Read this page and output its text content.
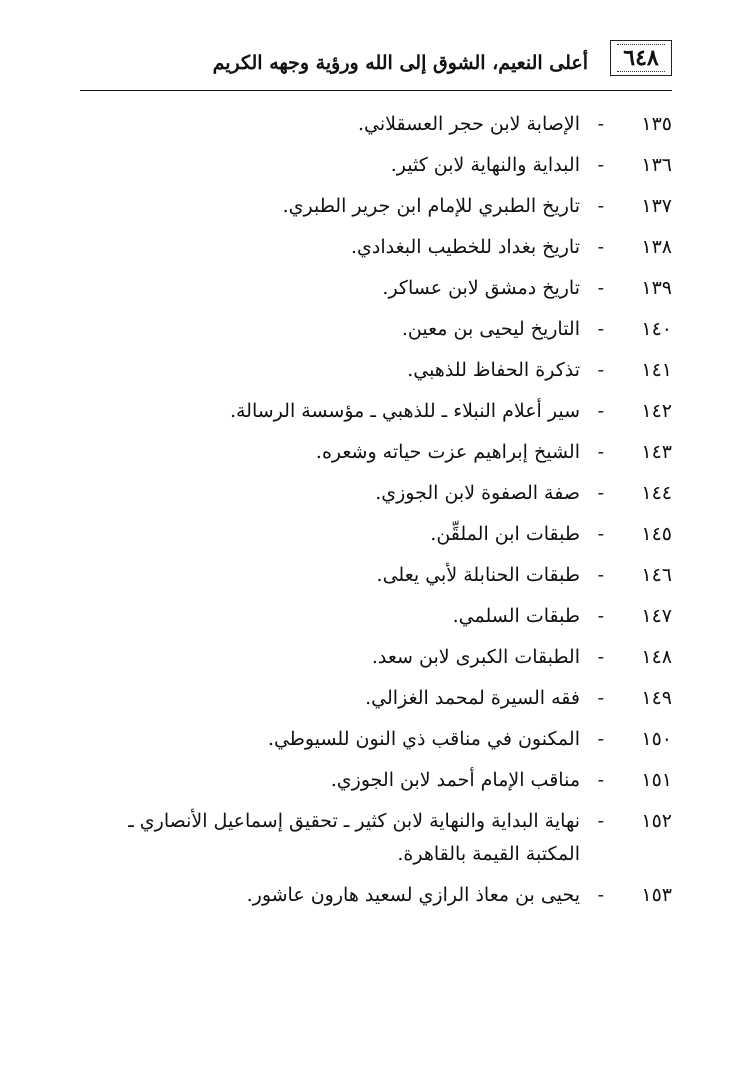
٦٤٨
أعلى النعيم، الشوق إلى الله ورؤية وجهه الكريم
١٣٥
-
الإصابة لابن حجر العسقلاني.
١٣٦
-
البداية والنهاية لابن كثير.
١٣٧
-
تاريخ الطبري للإمام ابن جرير الطبري.
١٣٨
-
تاريخ بغداد للخطيب البغدادي.
١٣٩
-
تاريخ دمشق لابن عساكر.
١٤٠
-
التاريخ ليحيى بن معين.
١٤١
-
تذكرة الحفاظ للذهبي.
١٤٢
-
سير أعلام النبلاء ـ للذهبي ـ مؤسسة الرسالة.
١٤٣
-
الشيخ إبراهيم عزت حياته وشعره.
١٤٤
-
صفة الصفوة لابن الجوزي.
١٤٥
-
طبقات ابن الملقِّن.
١٤٦
-
طبقات الحنابلة لأبي يعلى.
١٤٧
-
طبقات السلمي.
١٤٨
-
الطبقات الكبرى لابن سعد.
١٤٩
-
فقه السيرة لمحمد الغزالي.
١٥٠
-
المكنون في مناقب ذي النون للسيوطي.
١٥١
-
مناقب الإمام أحمد لابن الجوزي.
١٥٢
-
نهاية البداية والنهاية لابن كثير ـ تحقيق إسماعيل الأنصاري ـ المكتبة القيمة بالقاهرة.
١٥٣
-
يحيى بن معاذ الرازي لسعيد هارون عاشور.
